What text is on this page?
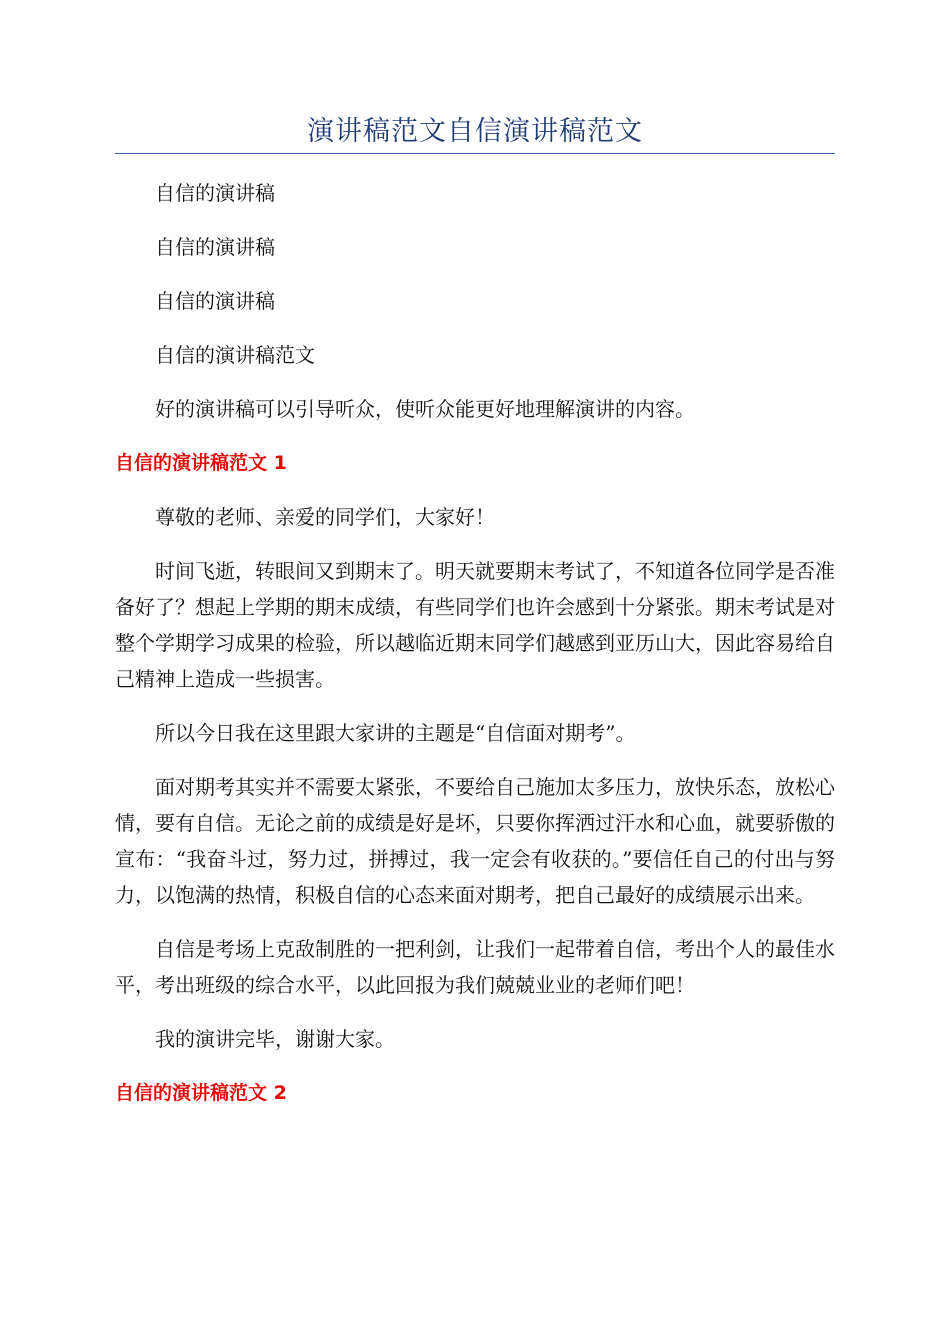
演讲稿范文自信演讲稿范文

自信的演讲稿

自信的演讲稿

自信的演讲稿

自信的演讲稿范文

好的演讲稿可以引导听众，使听众能更好地理解演讲的内容。

自信的演讲稿范文 1

尊敬的老师、亲爱的同学们，大家好！

时间飞逝，转眼间又到期末了。明天就要期末考试了，不知道各位同学是否准备好了？想起上学期的期末成绩，有些同学们也许会感到十分紧张。期末考试是对整个学期学习成果的检验，所以越临近期末同学们越感到亚历山大，因此容易给自己精神上造成一些损害。

所以今日我在这里跟大家讲的主题是“自信面对期考”。

面对期考其实并不需要太紧张，不要给自己施加太多压力，放快乐态，放松心情，要有自信。无论之前的成绩是好是坏，只要你挥洒过汗水和心血，就要骄傲的宣布：“我奋斗过，努力过，拼搏过，我一定会有收获的。”要信任自己的付出与努力，以饱满的热情，积极自信的心态来面对期考，把自己最好的成绩展示出来。

自信是考场上克敌制胜的一把利剑，让我们一起带着自信，考出个人的最佳水平，考出班级的综合水平，以此回报为我们兢兢业业的老师们吧！

我的演讲完毕，谢谢大家。

自信的演讲稿范文 2
